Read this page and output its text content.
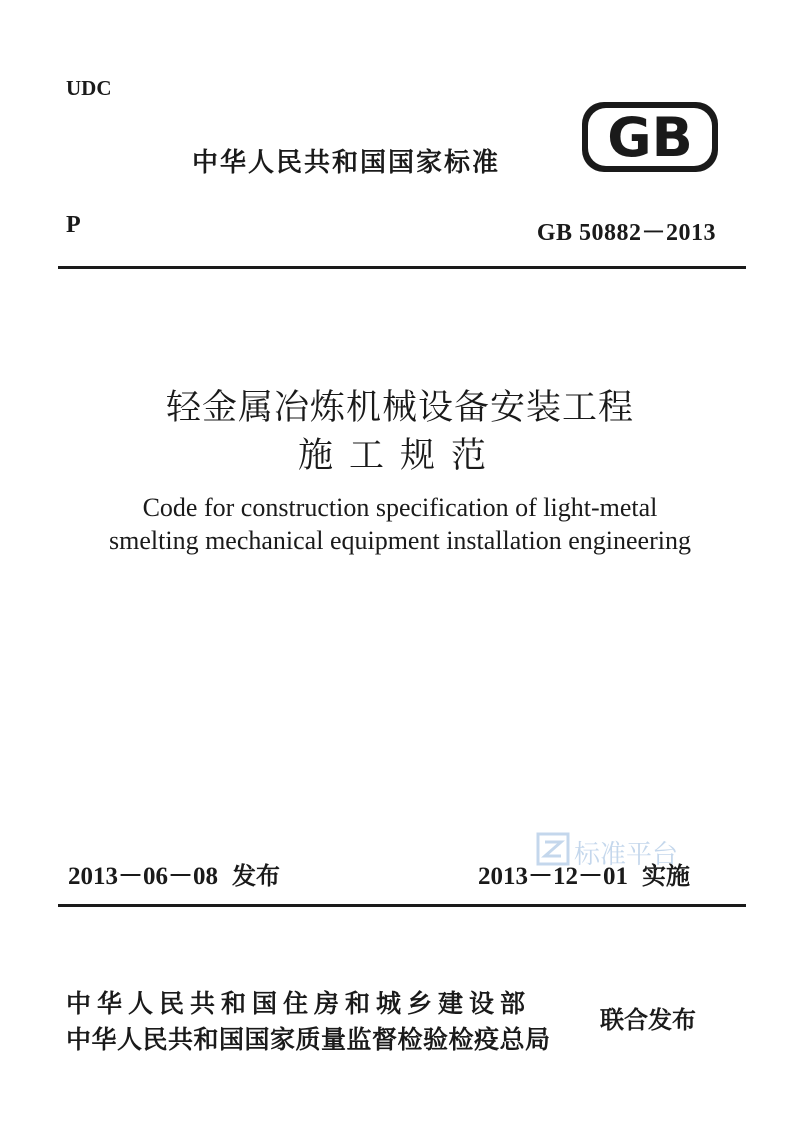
UDC
中华人民共和国国家标准 GB
P	GB 50882－2013
轻金属冶炼机械设备安装工程
施工规范
Code for construction specification of light-metal
smelting mechanical equipment installation engineering
标准平台
2013－06－08 发布	2013－12－01 实施
中华人民共和国住房和城乡建设部
中华人民共和国国家质量监督检验检疫总局
联合发布
